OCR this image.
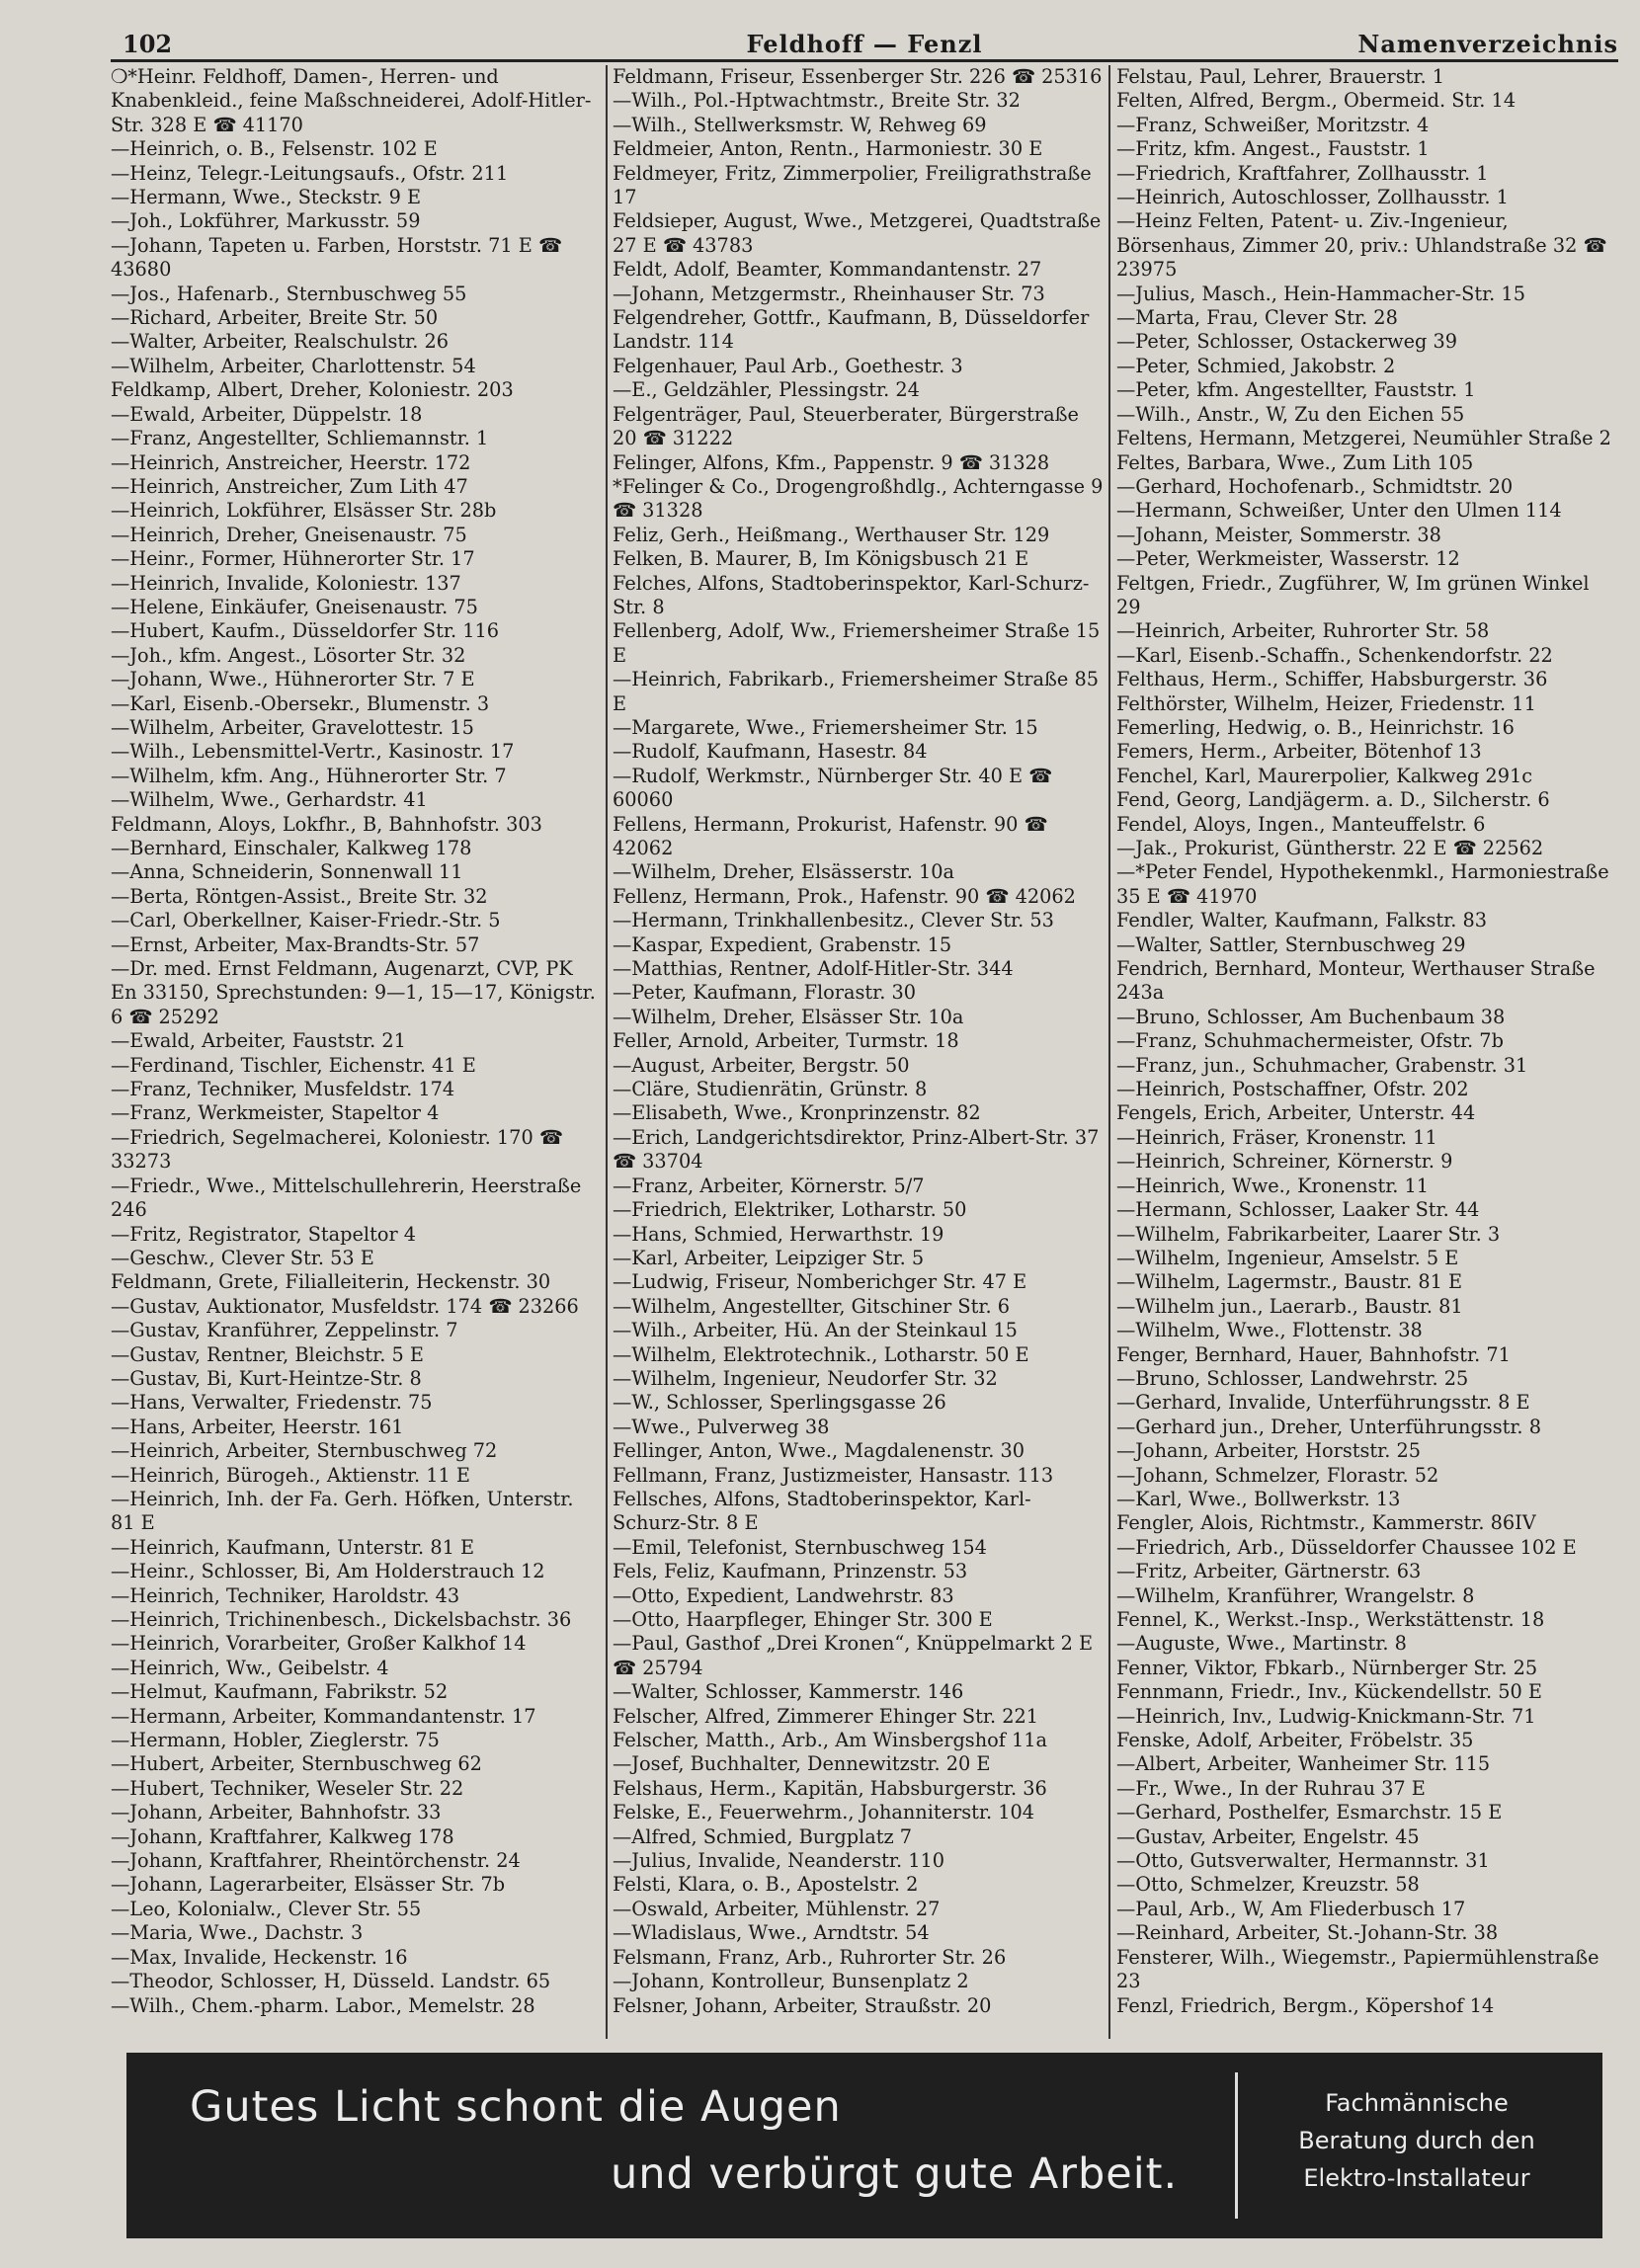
102	Feldhoff — Fenzl	Namenverzeichnis
❍*Heinr. Feldhoff, Damen-, Herren- und Knabenkleid., feine Maßschneiderei, Adolf-Hitler-Str. 328 E ☎ 41170
—Heinrich, o. B., Felsenstr. 102 E
—Heinz, Telegr.-Leitungsaufs., Ofstr. 211
—Hermann, Wwe., Steckstr. 9 E
—Joh., Lokführer, Markusstr. 59
—Johann, Tapeten u. Farben, Horststr. 71 E ☎ 43680
—Jos., Hafenarb., Sternbuschweg 55
—Richard, Arbeiter, Breite Str. 50
—Walter, Arbeiter, Realschulstr. 26
—Wilhelm, Arbeiter, Charlottenstr. 54
Feldkamp, Albert, Dreher, Koloniestr. 203
—Ewald, Arbeiter, Düppelstr. 18
—Franz, Angestellter, Schliemannstr. 1
—Heinrich, Anstreicher, Heerstr. 172
—Heinrich, Anstreicher, Zum Lith 47
—Heinrich, Lokführer, Elsässer Str. 28b
—Heinrich, Dreher, Gneisenaustr. 75
—Heinr., Former, Hühnerorter Str. 17
—Heinrich, Invalide, Koloniestr. 137
—Helene, Einkäufer, Gneisenaustr. 75
—Hubert, Kaufm., Düsseldorfer Str. 116
—Joh., kfm. Angest., Lösorter Str. 32
—Johann, Wwe., Hühnerorter Str. 7 E
—Karl, Eisenb.-Obersekr., Blumenstr. 3
—Wilhelm, Arbeiter, Gravelottestr. 15
—Wilh., Lebensmittel-Vertr., Kasinostr. 17
—Wilhelm, kfm. Ang., Hühnerorter Str. 7
—Wilhelm, Wwe., Gerhardstr. 41
Feldmann, Aloys, Lokfhr., B, Bahnhofstr. 303
—Bernhard, Einschaler, Kalkweg 178
—Anna, Schneiderin, Sonnenwall 11
—Berta, Röntgen-Assist., Breite Str. 32
—Carl, Oberkellner, Kaiser-Friedr.-Str. 5
—Ernst, Arbeiter, Max-Brandts-Str. 57
—Dr. med. Ernst Feldmann, Augenarzt, CVP, PK En 33150, Sprechstunden: 9—1, 15—17, Königstr. 6 ☎ 25292
—Ewald, Arbeiter, Fauststr. 21
—Ferdinand, Tischler, Eichenstr. 41 E
—Franz, Techniker, Musfeldstr. 174
—Franz, Werkmeister, Stapeltor 4
—Friedrich, Segelmacherei, Koloniestr. 170 ☎ 33273
—Friedr., Wwe., Mittelschullehrerin, Heerstraße 246
—Fritz, Registrator, Stapeltor 4
—Geschw., Clever Str. 53 E
Feldmann, Grete, Filialleiterin, Heckenstr. 30
—Gustav, Auktionator, Musfeldstr. 174 ☎ 23266
—Gustav, Kranführer, Zeppelinstr. 7
—Gustav, Rentner, Bleichstr. 5 E
—Gustav, Bi, Kurt-Heintze-Str. 8
—Hans, Verwalter, Friedenstr. 75
—Hans, Arbeiter, Heerstr. 161
—Heinrich, Arbeiter, Sternbuschweg 72
—Heinrich, Bürogeh., Aktienstr. 11 E
—Heinrich, Inh. der Fa. Gerh. Höfken, Unterstr. 81 E
—Heinrich, Kaufmann, Unterstr. 81 E
—Heinr., Schlosser, Bi, Am Holderstrauch 12
—Heinrich, Techniker, Haroldstr. 43
—Heinrich, Trichinenbesch., Dickelsbachstr. 36
—Heinrich, Vorarbeiter, Großer Kalkhof 14
—Heinrich, Ww., Geibelstr. 4
—Helmut, Kaufmann, Fabrikstr. 52
—Hermann, Arbeiter, Kommandantenstr. 17
—Hermann, Hobler, Zieglerstr. 75
—Hubert, Arbeiter, Sternbuschweg 62
—Hubert, Techniker, Weseler Str. 22
—Johann, Arbeiter, Bahnhofstr. 33
—Johann, Kraftfahrer, Kalkweg 178
—Johann, Kraftfahrer, Rheintörchenstr. 24
—Johann, Lagerarbeiter, Elsässer Str. 7b
—Leo, Kolonialw., Clever Str. 55
—Maria, Wwe., Dachstr. 3
—Max, Invalide, Heckenstr. 16
—Theodor, Schlosser, H, Düsseld. Landstr. 65
—Wilh., Chem.-pharm. Labor., Memelstr. 28
Feldmann, Friseur, Essenberger Str. 226 ☎ 25316
—Wilh., Pol.-Hptwachtmstr., Breite Str. 32
—Wilh., Stellwerksmstr. W, Rehweg 69
Feldmeier, Anton, Rentn., Harmoniestr. 30 E
Feldmeyer, Fritz, Zimmerpolier, Freiligrathstraße 17
Feldsieper, August, Wwe., Metzgerei, Quadtstraße 27 E ☎ 43783
Feldt, Adolf, Beamter, Kommandantenstr. 27
—Johann, Metzgermstr., Rheinhauser Str. 73
Felgendreher, Gottfr., Kaufmann, B, Düsseldorfer Landstr. 114
Felgenhauer, Paul Arb., Goethestr. 3
—E., Geldzähler, Plessingstr. 24
Felgenträger, Paul, Steuerberater, Bürgerstraße 20 ☎ 31222
Felinger, Alfons, Kfm., Pappenstr. 9 ☎ 31328
*Felinger & Co., Drogengroßhdlg., Achterngasse 9 ☎ 31328
Feliz, Gerh., Heißmang., Werthauser Str. 129
Felken, B. Maurer, B, Im Königsbusch 21 E
Felches, Alfons, Stadtoberinspektor, Karl-Schurz-Str. 8
Fellenberg, Adolf, Ww., Friemersheimer Straße 15 E
—Heinrich, Fabrikarb., Friemersheimer Straße 85 E
—Margarete, Wwe., Friemersheimer Str. 15
—Rudolf, Kaufmann, Hasestr. 84
—Rudolf, Werkmstr., Nürnberger Str. 40 E ☎ 60060
Fellens, Hermann, Prokurist, Hafenstr. 90 ☎ 42062
—Wilhelm, Dreher, Elsässerstr. 10a
Fellenz, Hermann, Prok., Hafenstr. 90 ☎ 42062
—Hermann, Trinkhallenbesitz., Clever Str. 53
—Kaspar, Expedient, Grabenstr. 15
—Matthias, Rentner, Adolf-Hitler-Str. 344
—Peter, Kaufmann, Florastr. 30
—Wilhelm, Dreher, Elsässer Str. 10a
Feller, Arnold, Arbeiter, Turmstr. 18
—August, Arbeiter, Bergstr. 50
—Cläre, Studienrätin, Grünstr. 8
—Elisabeth, Wwe., Kronprinzenstr. 82
—Erich, Landgerichtsdirektor, Prinz-Albert-Str. 37 ☎ 33704
—Franz, Arbeiter, Körnerstr. 5/7
—Friedrich, Elektriker, Lotharstr. 50
—Hans, Schmied, Herwarthstr. 19
—Karl, Arbeiter, Leipziger Str. 5
—Ludwig, Friseur, Nomberichger Str. 47 E
—Wilhelm, Angestellter, Gitschiner Str. 6
—Wilh., Arbeiter, Hü. An der Steinkaul 15
—Wilhelm, Elektrotechnik., Lotharstr. 50 E
—Wilhelm, Ingenieur, Neudorfer Str. 32
—W., Schlosser, Sperlingsgasse 26
—Wwe., Pulverweg 38
Fellinger, Anton, Wwe., Magdalenenstr. 30
Fellmann, Franz, Justizmeister, Hansastr. 113
Fellsches, Alfons, Stadtoberinspektor, Karl-Schurz-Str. 8 E
—Emil, Telefonist, Sternbuschweg 154
Fels, Feliz, Kaufmann, Prinzenstr. 53
—Otto, Expedient, Landwehrstr. 83
—Otto, Haarpfleger, Ehinger Str. 300 E
—Paul, Gasthof „Drei Kronen“, Knüppelmarkt 2 E ☎ 25794
—Walter, Schlosser, Kammerstr. 146
Felscher, Alfred, Zimmerer Ehinger Str. 221
Felscher, Matth., Arb., Am Winsbergshof 11a
—Josef, Buchhalter, Dennewitzstr. 20 E
Felshaus, Herm., Kapitän, Habsburgerstr. 36
Felske, E., Feuerwehrm., Johanniterstr. 104
—Alfred, Schmied, Burgplatz 7
—Julius, Invalide, Neanderstr. 110
Felsti, Klara, o. B., Apostelstr. 2
—Oswald, Arbeiter, Mühlenstr. 27
—Wladislaus, Wwe., Arndtstr. 54
Felsmann, Franz, Arb., Ruhrorter Str. 26
—Johann, Kontrolleur, Bunsenplatz 2
Felsner, Johann, Arbeiter, Straußstr. 20
Felstau, Paul, Lehrer, Brauerstr. 1
Felten, Alfred, Bergm., Obermeid. Str. 14
—Franz, Schweißer, Moritzstr. 4
—Fritz, kfm. Angest., Fauststr. 1
—Friedrich, Kraftfahrer, Zollhausstr. 1
—Heinrich, Autoschlosser, Zollhausstr. 1
—Heinz Felten, Patent- u. Ziv.-Ingenieur, Börsenhaus, Zimmer 20, priv.: Uhlandstraße 32 ☎ 23975
—Julius, Masch., Hein-Hammacher-Str. 15
—Marta, Frau, Clever Str. 28
—Peter, Schlosser, Ostackerweg 39
—Peter, Schmied, Jakobstr. 2
—Peter, kfm. Angestellter, Fauststr. 1
—Wilh., Anstr., W, Zu den Eichen 55
Feltens, Hermann, Metzgerei, Neumühler Straße 2
Feltes, Barbara, Wwe., Zum Lith 105
—Gerhard, Hochofenarb., Schmidtstr. 20
—Hermann, Schweißer, Unter den Ulmen 114
—Johann, Meister, Sommerstr. 38
—Peter, Werkmeister, Wasserstr. 12
Feltgen, Friedr., Zugführer, W, Im grünen Winkel 29
—Heinrich, Arbeiter, Ruhrorter Str. 58
—Karl, Eisenb.-Schaffn., Schenkendorfstr. 22
Felthaus, Herm., Schiffer, Habsburgerstr. 36
Felthörster, Wilhelm, Heizer, Friedenstr. 11
Femerling, Hedwig, o. B., Heinrichstr. 16
Femers, Herm., Arbeiter, Bötenhof 13
Fenchel, Karl, Maurerpolier, Kalkweg 291c
Fend, Georg, Landjägerm. a. D., Silcherstr. 6
Fendel, Aloys, Ingen., Manteuffelstr. 6
—Jak., Prokurist, Güntherstr. 22 E ☎ 22562
—*Peter Fendel, Hypothekenmkl., Harmoniestraße 35 E ☎ 41970
Fendler, Walter, Kaufmann, Falkstr. 83
—Walter, Sattler, Sternbuschweg 29
Fendrich, Bernhard, Monteur, Werthauser Straße 243a
—Bruno, Schlosser, Am Buchenbaum 38
—Franz, Schuhmachermeister, Ofstr. 7b
—Franz, jun., Schuhmacher, Grabenstr. 31
—Heinrich, Postschaffner, Ofstr. 202
Fengels, Erich, Arbeiter, Unterstr. 44
—Heinrich, Fräser, Kronenstr. 11
—Heinrich, Schreiner, Körnerstr. 9
—Heinrich, Wwe., Kronenstr. 11
—Hermann, Schlosser, Laaker Str. 44
—Wilhelm, Fabrikarbeiter, Laarer Str. 3
—Wilhelm, Ingenieur, Amselstr. 5 E
—Wilhelm, Lagermstr., Baustr. 81 E
—Wilhelm jun., Laerarb., Baustr. 81
—Wilhelm, Wwe., Flottenstr. 38
Fenger, Bernhard, Hauer, Bahnhofstr. 71
—Bruno, Schlosser, Landwehrstr. 25
—Gerhard, Invalide, Unterführungsstr. 8 E
—Gerhard jun., Dreher, Unterführungsstr. 8
—Johann, Arbeiter, Horststr. 25
—Johann, Schmelzer, Florastr. 52
—Karl, Wwe., Bollwerkstr. 13
Fengler, Alois, Richtmstr., Kammerstr. 86IV
—Friedrich, Arb., Düsseldorfer Chaussee 102 E
—Fritz, Arbeiter, Gärtnerstr. 63
—Wilhelm, Kranführer, Wrangelstr. 8
Fennel, K., Werkst.-Insp., Werkstättenstr. 18
—Auguste, Wwe., Martinstr. 8
Fenner, Viktor, Fbkarb., Nürnberger Str. 25
Fennmann, Friedr., Inv., Kückendellstr. 50 E
—Heinrich, Inv., Ludwig-Knickmann-Str. 71
Fenske, Adolf, Arbeiter, Fröbelstr. 35
—Albert, Arbeiter, Wanheimer Str. 115
—Fr., Wwe., In der Ruhrau 37 E
—Gerhard, Posthelfer, Esmarchstr. 15 E
—Gustav, Arbeiter, Engelstr. 45
—Otto, Gutsverwalter, Hermannstr. 31
—Otto, Schmelzer, Kreuzstr. 58
—Paul, Arb., W, Am Fliederbusch 17
—Reinhard, Arbeiter, St.-Johann-Str. 38
Fensterer, Wilh., Wiegemstr., Papiermühlenstraße 23
Fenzl, Friedrich, Bergm., Köpershof 14
Gutes Licht schont die Augen
und verbürgt gute Arbeit.
Fachmännische
Beratung durch den
Elektro-Installateur
